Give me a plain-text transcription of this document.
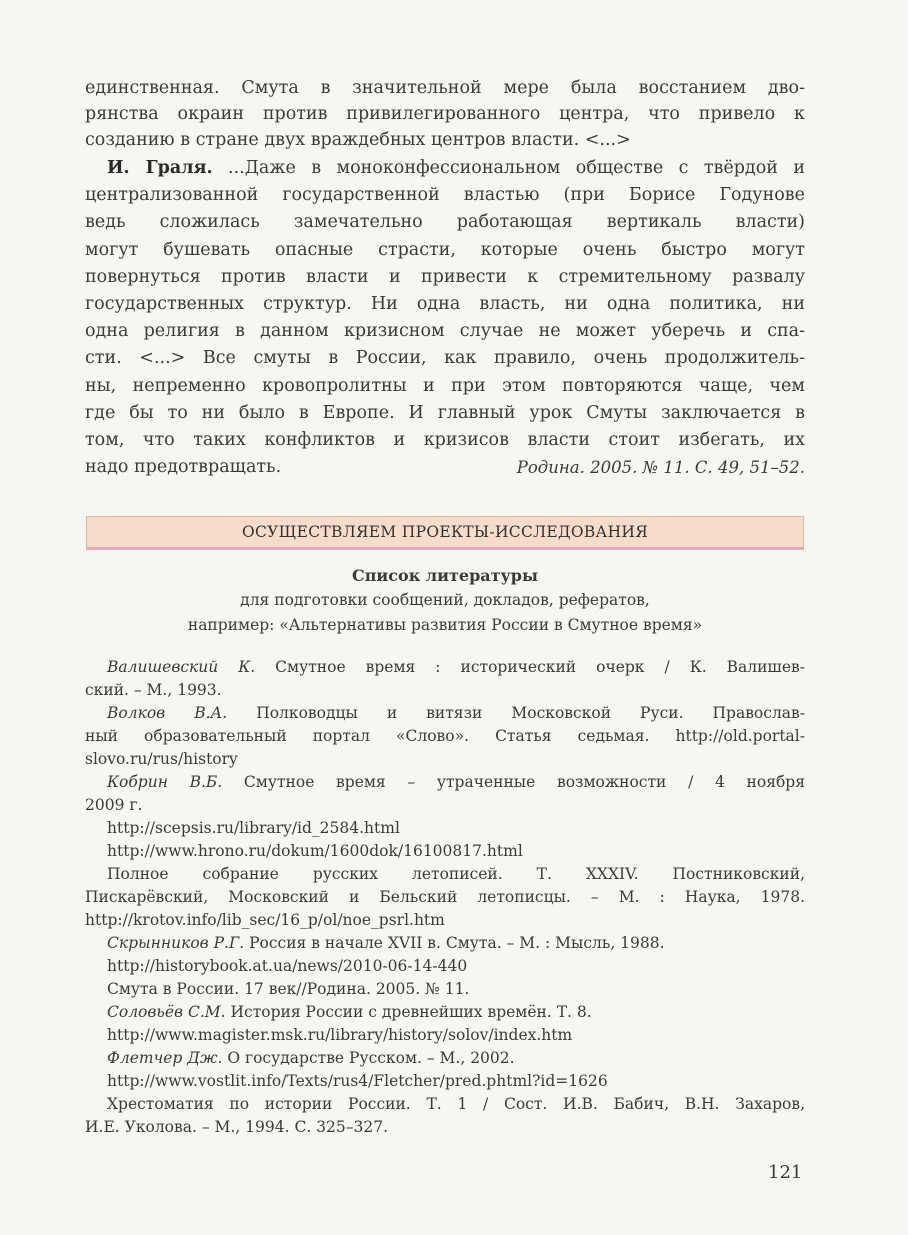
единственная. Смута в значительной мере была восстанием дво-
рянства окраин против привилегированного центра, что привело к
созданию в стране двух враждебных центров власти. <...>
И. Граля. ...Даже в моноконфессиональном обществе с твёрдой и
централизованной государственной властью (при Борисе Годунове
ведь сложилась замечательно работающая вертикаль власти)
могут бушевать опасные страсти, которые очень быстро могут
повернуться против власти и привести к стремительному развалу
государственных структур. Ни одна власть, ни одна политика, ни
одна религия в данном кризисном случае не может уберечь и спа-
сти. <...> Все смуты в России, как правило, очень продолжитель-
ны, непременно кровопролитны и при этом повторяются чаще, чем
где бы то ни было в Европе. И главный урок Смуты заключается в
том, что таких конфликтов и кризисов власти стоит избегать, их
надо предотвращать.	Родина. 2005. № 11. С. 49, 51–52.
ОСУЩЕСТВЛЯЕМ ПРОЕКТЫ-ИССЛЕДОВАНИЯ
Список литературы
для подготовки сообщений, докладов, рефератов,
например: «Альтернативы развития России в Смутное время»
Валишевский К. Смутное время : исторический очерк / К. Валишев-
ский. – М., 1993.
Волков В.А. Полководцы и витязи Московской Руси. Православ-
ный образовательный портал «Слово». Статья седьмая. http://old.portal-
slovo.ru/rus/history
Кобрин В.Б. Смутное время – утраченные возможности / 4 ноября
2009 г.
http://scepsis.ru/library/id_2584.html
http://www.hrono.ru/dokum/1600dok/16100817.html
Полное собрание русских летописей. Т. XXXIV. Постниковский,
Пискарёвский, Московский и Бельский летописцы. – М. : Наука, 1978.
http://krotov.info/lib_sec/16_p/ol/noe_psrl.htm
Скрынников Р.Г. Россия в начале XVII в. Смута. – М. : Мысль, 1988.
http://historybook.at.ua/news/2010-06-14-440
Смута в России. 17 век//Родина. 2005. № 11.
Соловьёв С.М. История России с древнейших времён. Т. 8.
http://www.magister.msk.ru/library/history/solov/index.htm
Флетчер Дж. О государстве Русском. – М., 2002.
http://www.vostlit.info/Texts/rus4/Fletcher/pred.phtml?id=1626
Хрестоматия по истории России. Т. 1 / Сост. И.В. Бабич, В.Н. Захаров,
И.Е. Уколова. – М., 1994. С. 325–327.
121
